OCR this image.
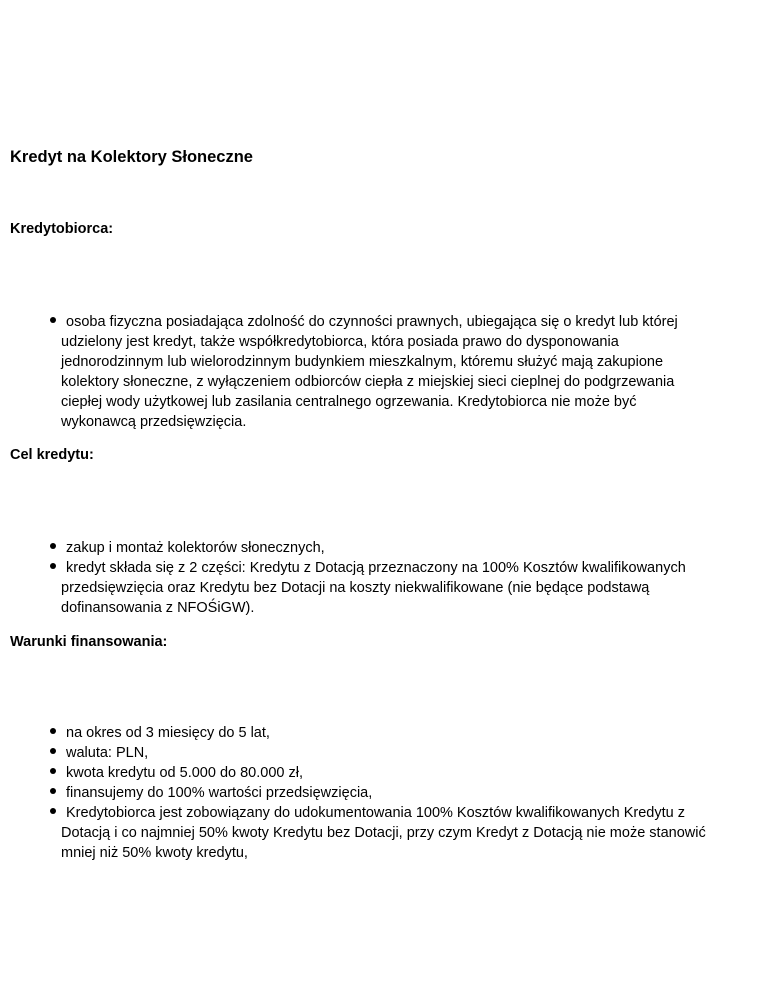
Kredyt na Kolektory Słoneczne
Kredytobiorca:
osoba fizyczna posiadająca zdolność do czynności prawnych, ubiegająca się o kredyt lub której
udzielony jest kredyt, także współkredytobiorca, która posiada prawo do dysponowania
jednorodzinnym lub wielorodzinnym budynkiem mieszkalnym, któremu służyć mają zakupione
kolektory słoneczne, z wyłączeniem odbiorców ciepła z miejskiej sieci cieplnej do podgrzewania
ciepłej wody użytkowej lub zasilania centralnego ogrzewania. Kredytobiorca nie może być
wykonawcą przedsięwzięcia.
Cel kredytu:
zakup i montaż kolektorów słonecznych,
kredyt składa się z 2 części: Kredytu z Dotacją przeznaczony na 100% Kosztów kwalifikowanych
przedsięwzięcia oraz Kredytu bez Dotacji na koszty niekwalifikowane (nie będące podstawą
dofinansowania z NFOŚiGW).
Warunki finansowania:
na okres od 3 miesięcy do 5 lat,
waluta: PLN,
kwota kredytu od 5.000 do 80.000 zł,
finansujemy do 100% wartości przedsięwzięcia,
Kredytobiorca jest zobowiązany do udokumentowania 100% Kosztów kwalifikowanych Kredytu z
Dotacją i co najmniej 50% kwoty Kredytu bez Dotacji, przy czym Kredyt z Dotacją nie może stanowić
mniej niż 50% kwoty kredytu,
